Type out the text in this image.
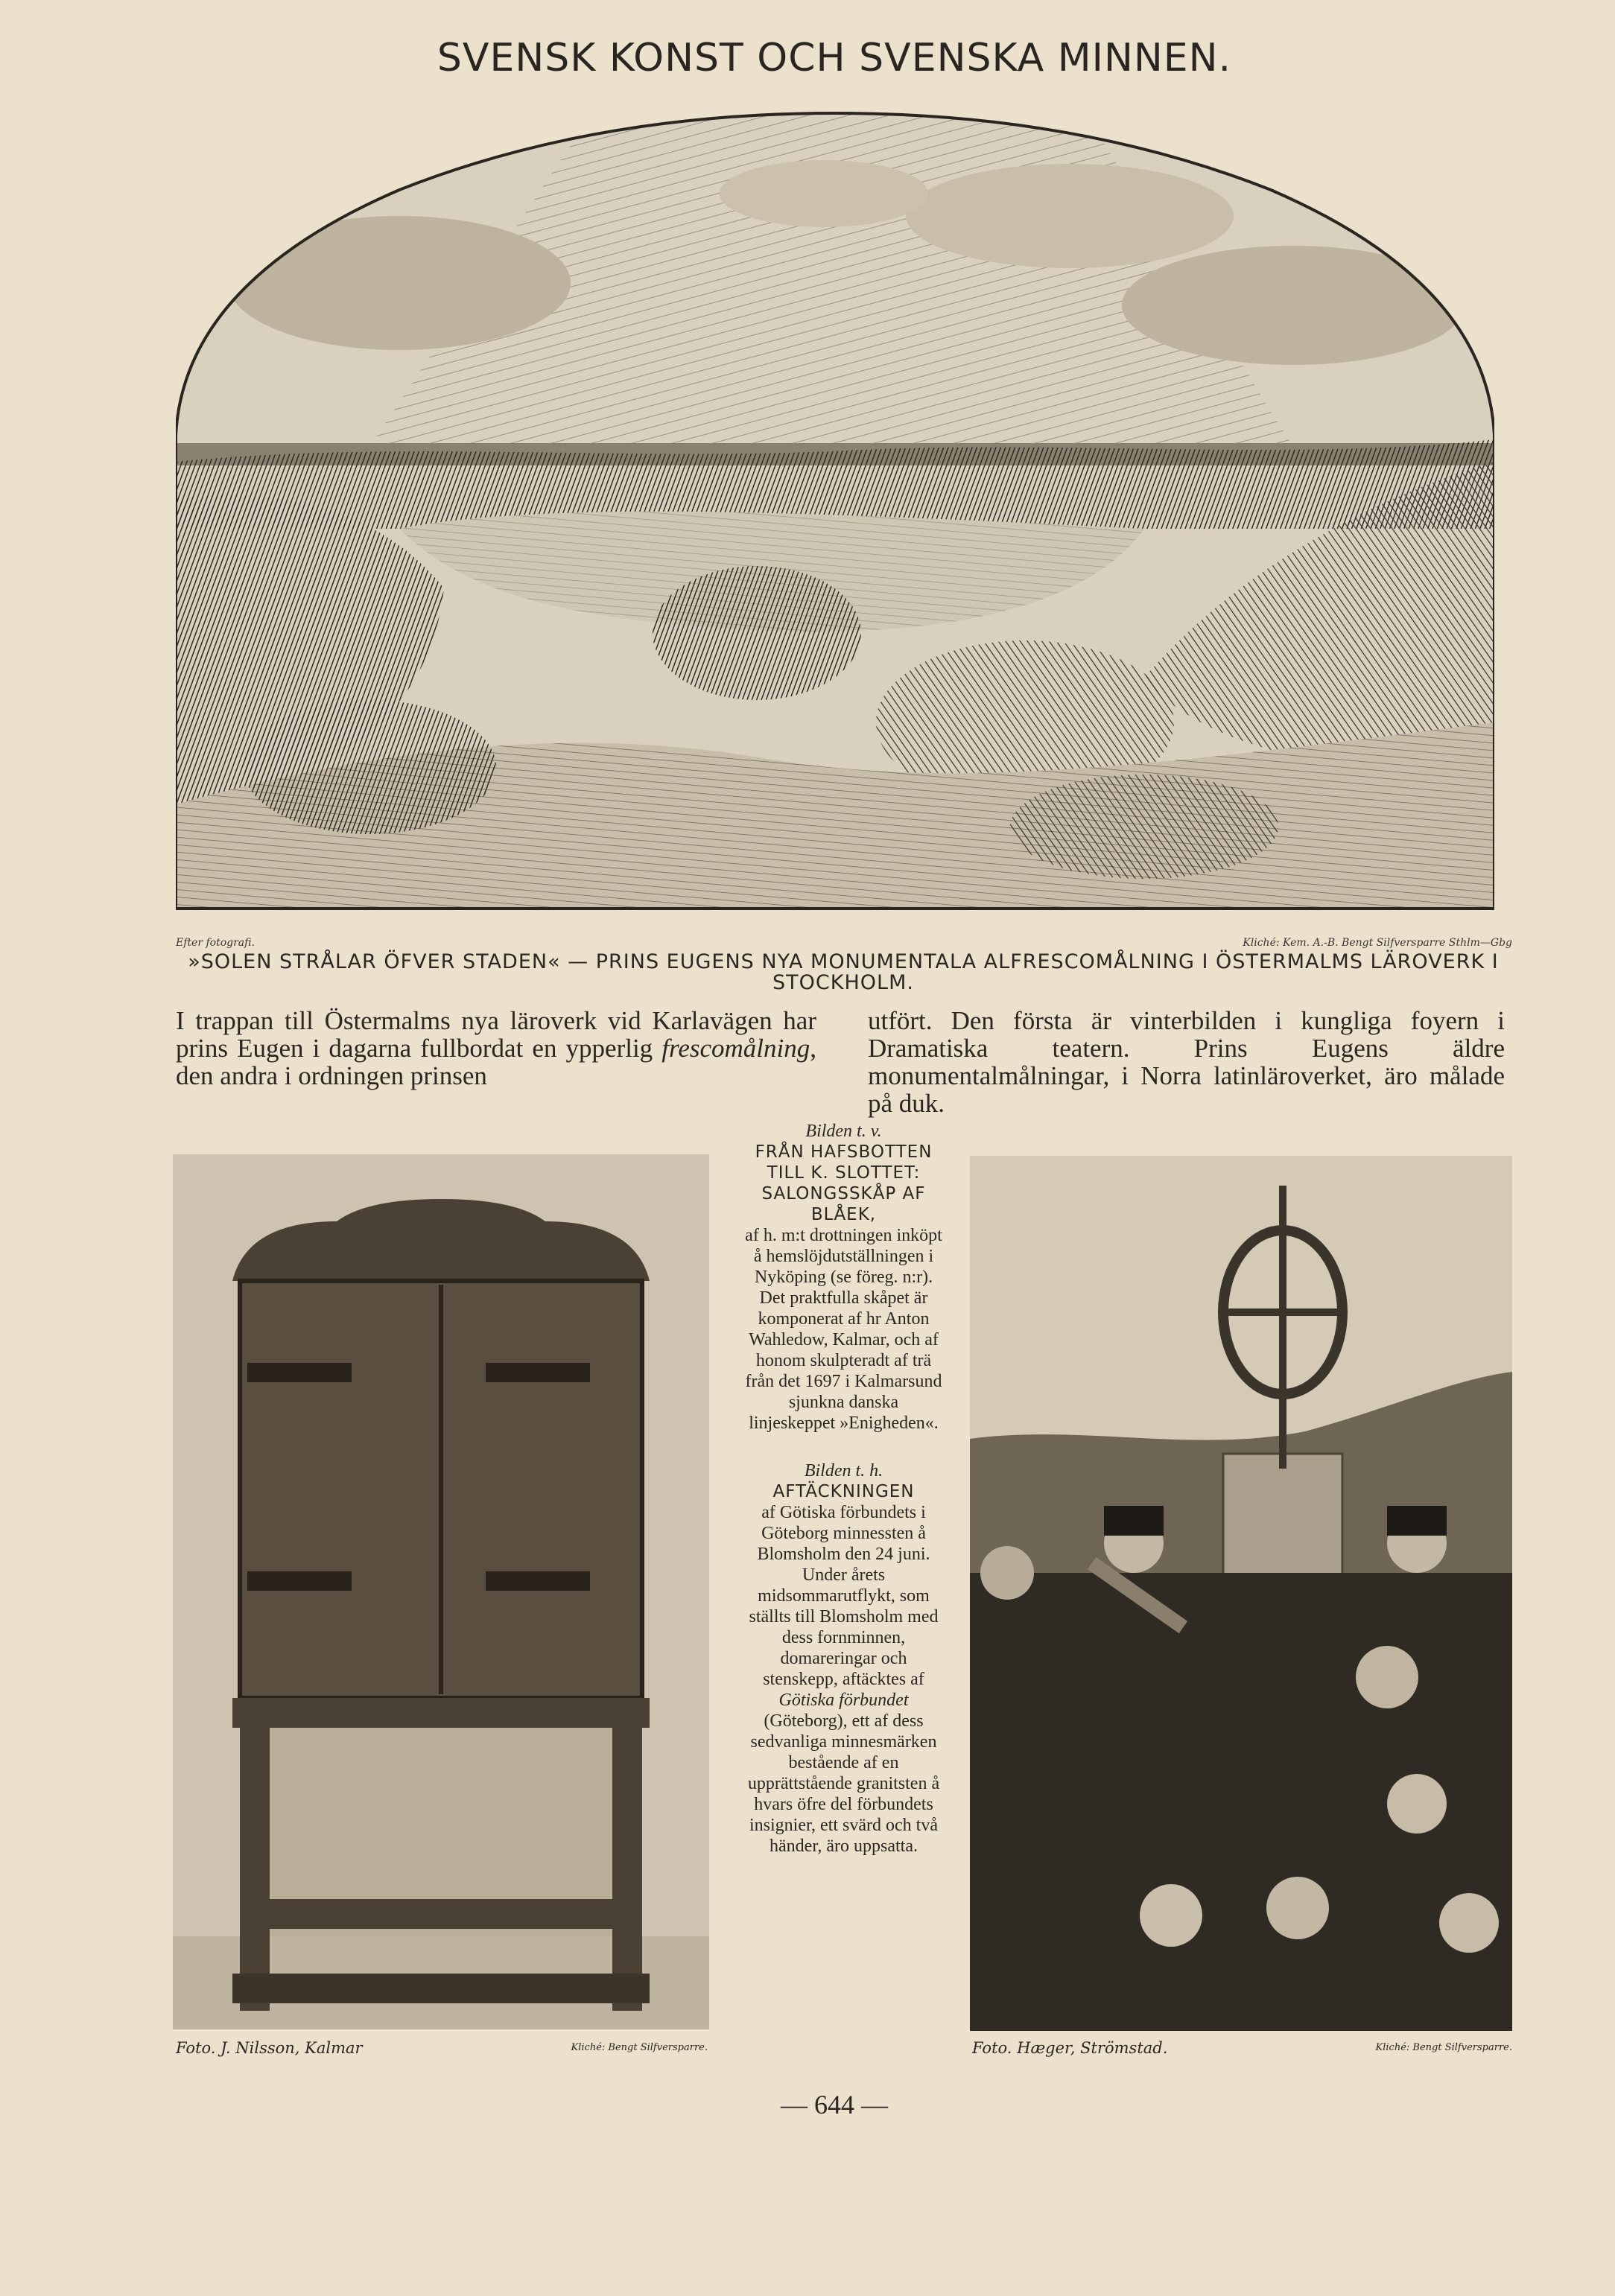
SVENSK KONST OCH SVENSKA MINNEN.
Efter fotografi.	Kliché: Kem. A.-B. Bengt Silfversparre Sthlm—Gbg
»SOLEN STRÅLAR ÖFVER STADEN« — PRINS EUGENS NYA MONUMENTALA ALFRESCOMÅLNING I ÖSTERMALMS LÄROVERK I STOCKHOLM.
I trappan till Östermalms nya läroverk vid Karlavägen har prins Eugen i dagarna fullbordat en ypperlig frescomålning, den andra i ordningen prinsen
utfört. Den första är vinterbilden i kungliga foyern i Dramatiska teatern. Prins Eugens äldre monumentalmålningar, i Norra latinläroverket, äro målade på duk.
Foto. J. Nilsson, Kalmar	Kliché: Bengt Silfversparre.
Bilden t. v.
FRÅN HAFSBOTTEN TILL K. SLOTTET: SALONGSSKÅP AF BLÅEK,
af h. m:t drottningen inköpt å hemslöjdutställningen i Nyköping (se föreg. n:r). Det praktfulla skåpet är komponerat af hr Anton Wahledow, Kalmar, och af honom skulpteradt af trä från det 1697 i Kalmarsund sjunkna danska linjeskeppet »Enigheden«.
Bilden t. h.
AFTÄCKNINGEN
af Götiska förbundets i Göteborg minnessten å Blomsholm den 24 juni.
Under årets midsommarutflykt, som ställts till Blomsholm med dess fornminnen, domareringar och stenskepp, aftäcktes af Götiska förbundet (Göteborg), ett af dess sedvanliga minnesmärken bestående af en upprättstående granitsten å hvars öfre del förbundets insignier, ett svärd och två händer, äro uppsatta.
Foto. Hæger, Strömstad.	Kliché: Bengt Silfversparre.
— 644 —
